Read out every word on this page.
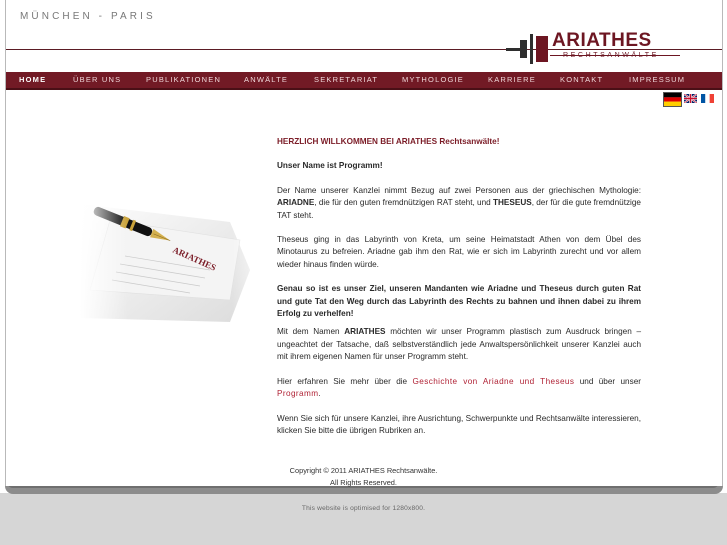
MÜNCHEN - PARIS
ARIATHES
RECHTSANWÄLTE
HOME	ÜBER UNS	PUBLIKATIONEN	ANWÄLTE	SEKRETARIAT	MYTHOLOGIE	KARRIERE	KONTAKT	IMPRESSUM

HERZLICH WILLKOMMEN BEI ARIATHES Rechtsanwälte!

Unser Name ist Programm!

Der Name unserer Kanzlei nimmt Bezug auf zwei Personen aus der griechischen Mythologie: ARIADNE, die für den guten fremdnützigen RAT steht, und THESEUS, der für die gute fremdnützige TAT steht.

Theseus ging in das Labyrinth von Kreta, um seine Heimatstadt Athen von dem Übel des Minotaurus zu befreien. Ariadne gab ihm den Rat, wie er sich im Labyrinth zurecht und vor allem wieder hinaus finden würde.

Genau so ist es unser Ziel, unseren Mandanten wie Ariadne und Theseus durch guten Rat und gute Tat den Weg durch das Labyrinth des Rechts zu bahnen und ihnen dabei zu ihrem Erfolg zu verhelfen!

Mit dem Namen ARIATHES möchten wir unser Programm plastisch zum Ausdruck bringen – ungeachtet der Tatsache, daß selbstverständlich jede Anwaltspersönlichkeit unserer Kanzlei auch mit ihrem eigenen Namen für unser Programm steht.

Hier erfahren Sie mehr über die Geschichte von Ariadne und Theseus und über unser Programm.

Wenn Sie sich für unsere Kanzlei, ihre Ausrichtung, Schwerpunkte und Rechtsanwälte interessieren, klicken Sie bitte die übrigen Rubriken an.

Copyright © 2011 ARIATHES Rechtsanwälte.
All Rights Reserved.
This website is optimised for 1280x800.
